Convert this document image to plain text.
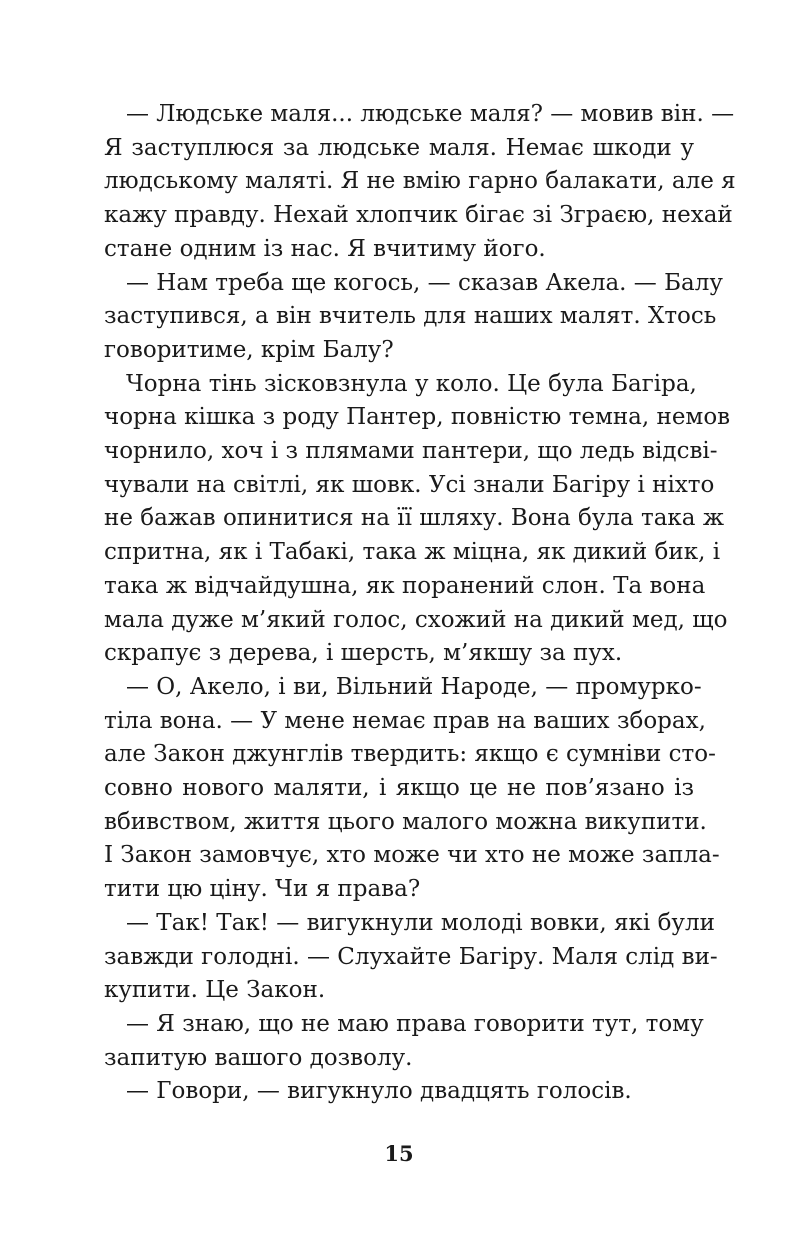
— Людське маля... людське маля? — мовив він. —
Я заступлюся за людське маля. Немає шкоди у
людському малятi. Я не вмiю гарно балакати, але я
кажу правду. Нехай хлопчик бiгає зi Зграєю, нехай
стане одним iз нас. Я вчитиму його.

— Нам треба ще когось, — сказав Акела. — Балу
заступився, а вiн вчитель для наших малят. Хтось
говоритиме, крiм Балу?

Чорна тiнь зiсковзнула у коло. Це була Багiра,
чорна кiшка з роду Пантер, повнiстю темна, немов
чорнило, хоч i з плямами пантери, що ледь вiдсвi-
чували на свiтлi, як шовк. Усi знали Багiру i нiхто
не бажав опинитися на її шляху. Вона була така ж
спритна, як i Табакi, така ж мiцна, як дикий бик, i
така ж вiдчайдушна, як поранений слон. Та вона
мала дуже м’який голос, схожий на дикий мед, що
скрапує з дерева, i шерсть, м’якшу за пух.

— О, Акело, i ви, Вiльний Народе, — промурко-
тiла вона. — У мене немає прав на ваших зборах,
але Закон джунглiв твердить: якщо є сумнiви сто-
совно нового маляти, i якщо це не пов’язано iз
вбивством, життя цього малого можна викупити.
I Закон замовчує, хто може чи хто не може запла-
тити цю цiну. Чи я права?

— Так! Так! — вигукнули молодi вовки, якi були
завжди голоднi. — Слухайте Багiру. Маля слiд ви-
купити. Це Закон.

— Я знаю, що не маю права говорити тут, тому
запитую вашого дозволу.

— Говори, — вигукнуло двадцять голосiв.

15
